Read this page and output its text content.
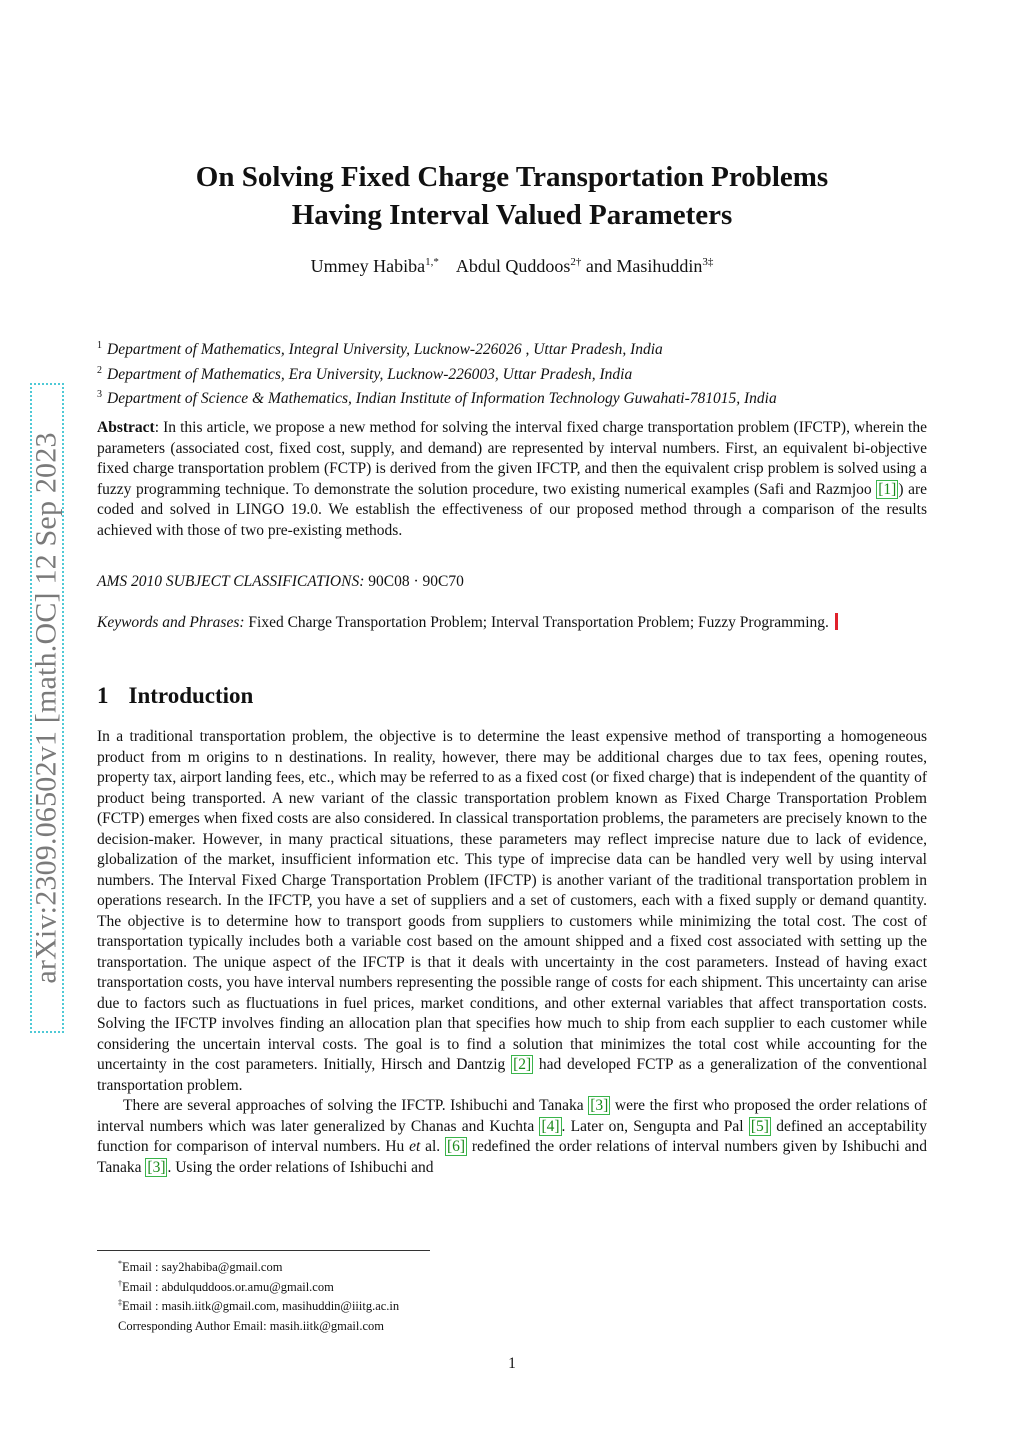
arXiv:2309.06502v1 [math.OC] 12 Sep 2023
On Solving Fixed Charge Transportation Problems
Having Interval Valued Parameters
Ummey Habiba$^{1,*}$ Abdul Quddoos$^{2\dagger}$ and Masihuddin$^{3\ddagger}$
$^1$ Department of Mathematics, Integral University, Lucknow-226026 , Uttar Pradesh, India
$^2$ Department of Mathematics, Era University, Lucknow-226003, Uttar Pradesh, India
$^3$ Department of Science & Mathematics, Indian Institute of Information Technology Guwahati-781015, India

Abstract: In this article, we propose a new method for solving the interval fixed charge transportation problem (IFCTP), wherein the parameters (associated cost, fixed cost, supply, and demand) are represented by interval numbers. First, an equivalent bi-objective fixed charge transportation problem (FCTP) is derived from the given IFCTP, and then the equivalent crisp problem is solved using a fuzzy programming technique. To demonstrate the solution procedure, two existing numerical examples (Safi and Razmjoo [1] ) are coded and solved in LINGO 19.0. We establish the effectiveness of our proposed method through a comparison of the results achieved with those of two pre-existing methods.

AMS 2010 SUBJECT CLASSIFICATIONS: 90C08 · 90C70

Keywords and Phrases: Fixed Charge Transportation Problem; Interval Transportation Problem; Fuzzy Programming.

1 Introduction

In a traditional transportation problem, the objective is to determine the least expensive method of transporting a homogeneous product from m origins to n destinations. In reality, however, there may be additional charges due to tax fees, opening routes, property tax, airport landing fees, etc., which may be referred to as a fixed cost (or fixed charge) that is independent of the quantity of product being transported. A new variant of the classic transportation problem known as Fixed Charge Transportation Problem (FCTP) emerges when fixed costs are also considered. In classical transportation problems, the parameters are precisely known to the decision-maker. However, in many practical situations, these parameters may reflect imprecise nature due to lack of evidence, globalization of the market, insufficient information etc. This type of imprecise data can be handled very well by using interval numbers. The Interval Fixed Charge Transportation Problem (IFCTP) is another variant of the traditional transportation problem in operations research. In the IFCTP, you have a set of suppliers and a set of customers, each with a fixed supply or demand quantity. The objective is to determine how to transport goods from suppliers to customers while minimizing the total cost. The cost of transportation typically includes both a variable cost based on the amount shipped and a fixed cost associated with setting up the transportation. The unique aspect of the IFCTP is that it deals with uncertainty in the cost parameters. Instead of having exact transportation costs, you have interval numbers representing the possible range of costs for each shipment. This uncertainty can arise due to factors such as fluctuations in fuel prices, market conditions, and other external variables that affect transportation costs. Solving the IFCTP involves finding an allocation plan that specifies how much to ship from each supplier to each customer while considering the uncertain interval costs. The goal is to find a solution that minimizes the total cost while accounting for the uncertainty in the cost parameters. Initially, Hirsch and Dantzig [2] had developed FCTP as a generalization of the conventional transportation problem.

There are several approaches of solving the IFCTP. Ishibuchi and Tanaka [3] were the first who proposed the order relations of interval numbers which was later generalized by Chanas and Kuchta [4] . Later on, Sengupta and Pal [5] defined an acceptability function for comparison of interval numbers. Hu et al. [6] redefined the order relations of interval numbers given by Ishibuchi and Tanaka [3] . Using the order relations of Ishibuchi and

*Email : say2habiba@gmail.com
†Email : abdulquddoos.or.amu@gmail.com
‡Email : masih.iitk@gmail.com, masihuddin@iiitg.ac.in
Corresponding Author Email: masih.iitk@gmail.com
1
